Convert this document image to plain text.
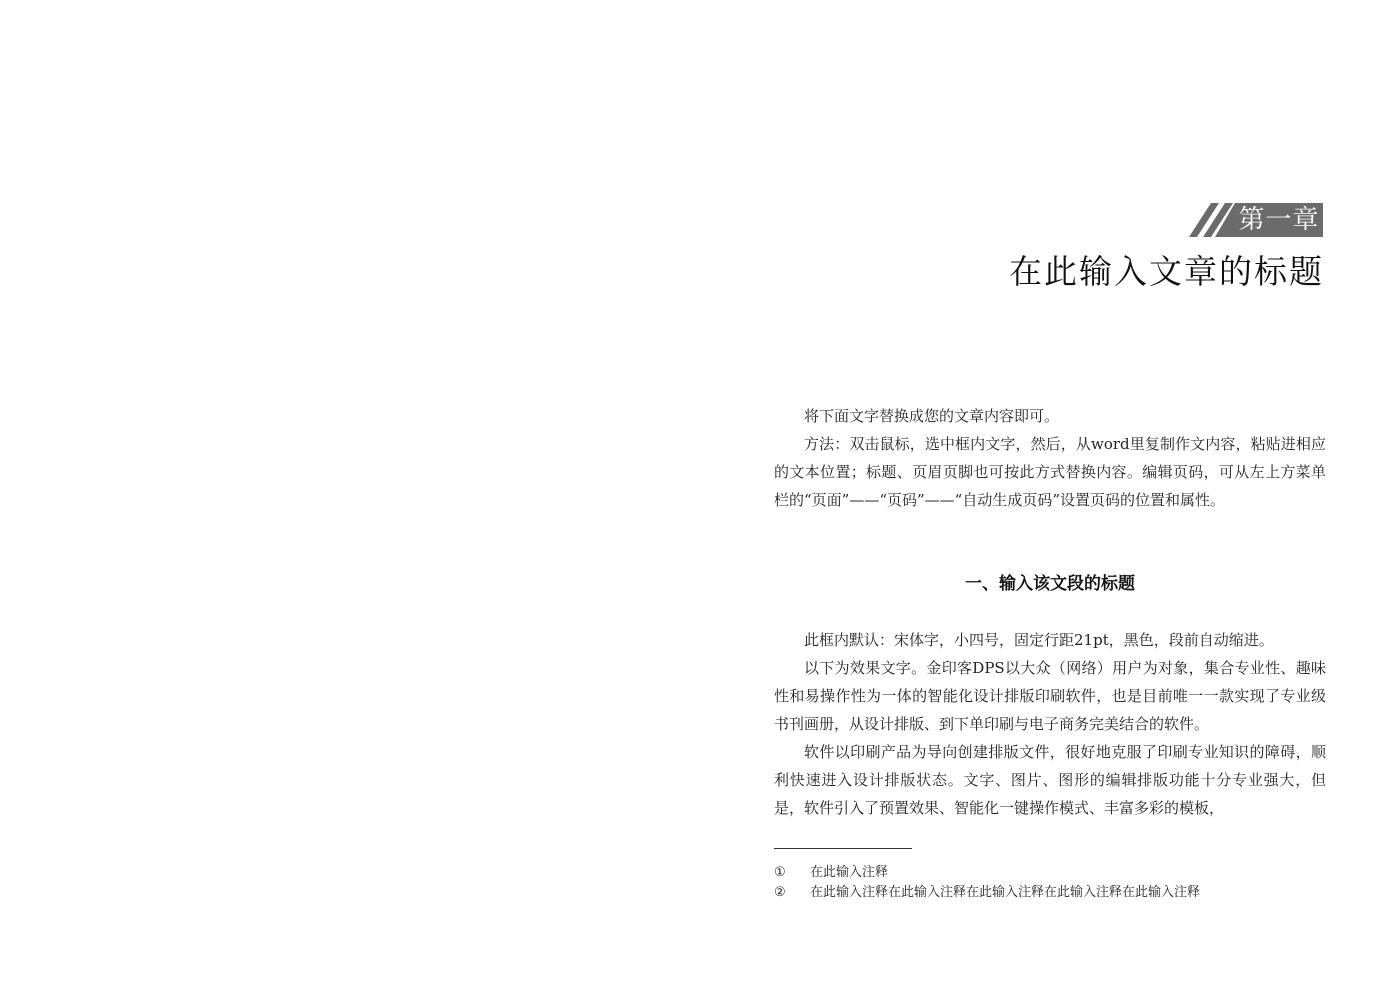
第一章
在此输入文章的标题

将下面文字替换成您的文章内容即可。

方法：双击鼠标，选中框内文字，然后，从word里复制作文内容，粘贴进相应的文本位置；标题、页眉页脚也可按此方式替换内容。编辑页码，可从左上方菜单栏的“页面”——“页码”——“自动生成页码”设置页码的位置和属性。

一、输入该文段的标题

此框内默认：宋体字，小四号，固定行距21pt，黑色，段前自动缩进。

以下为效果文字。金印客DPS以大众（网络）用户为对象，集合专业性、趣味性和易操作性为一体的智能化设计排版印刷软件，也是目前唯一一款实现了专业级书刊画册，从设计排版、到下单印刷与电子商务完美结合的软件。

软件以印刷产品为导向创建排版文件，很好地克服了印刷专业知识的障碍，顺利快速进入设计排版状态。文字、图片、图形的编辑排版功能十分专业强大，但是，软件引入了预置效果、智能化一键操作模式、丰富多彩的模板，

①	在此输入注释
②	在此输入注释在此输入注释在此输入注释在此输入注释在此输入注释
